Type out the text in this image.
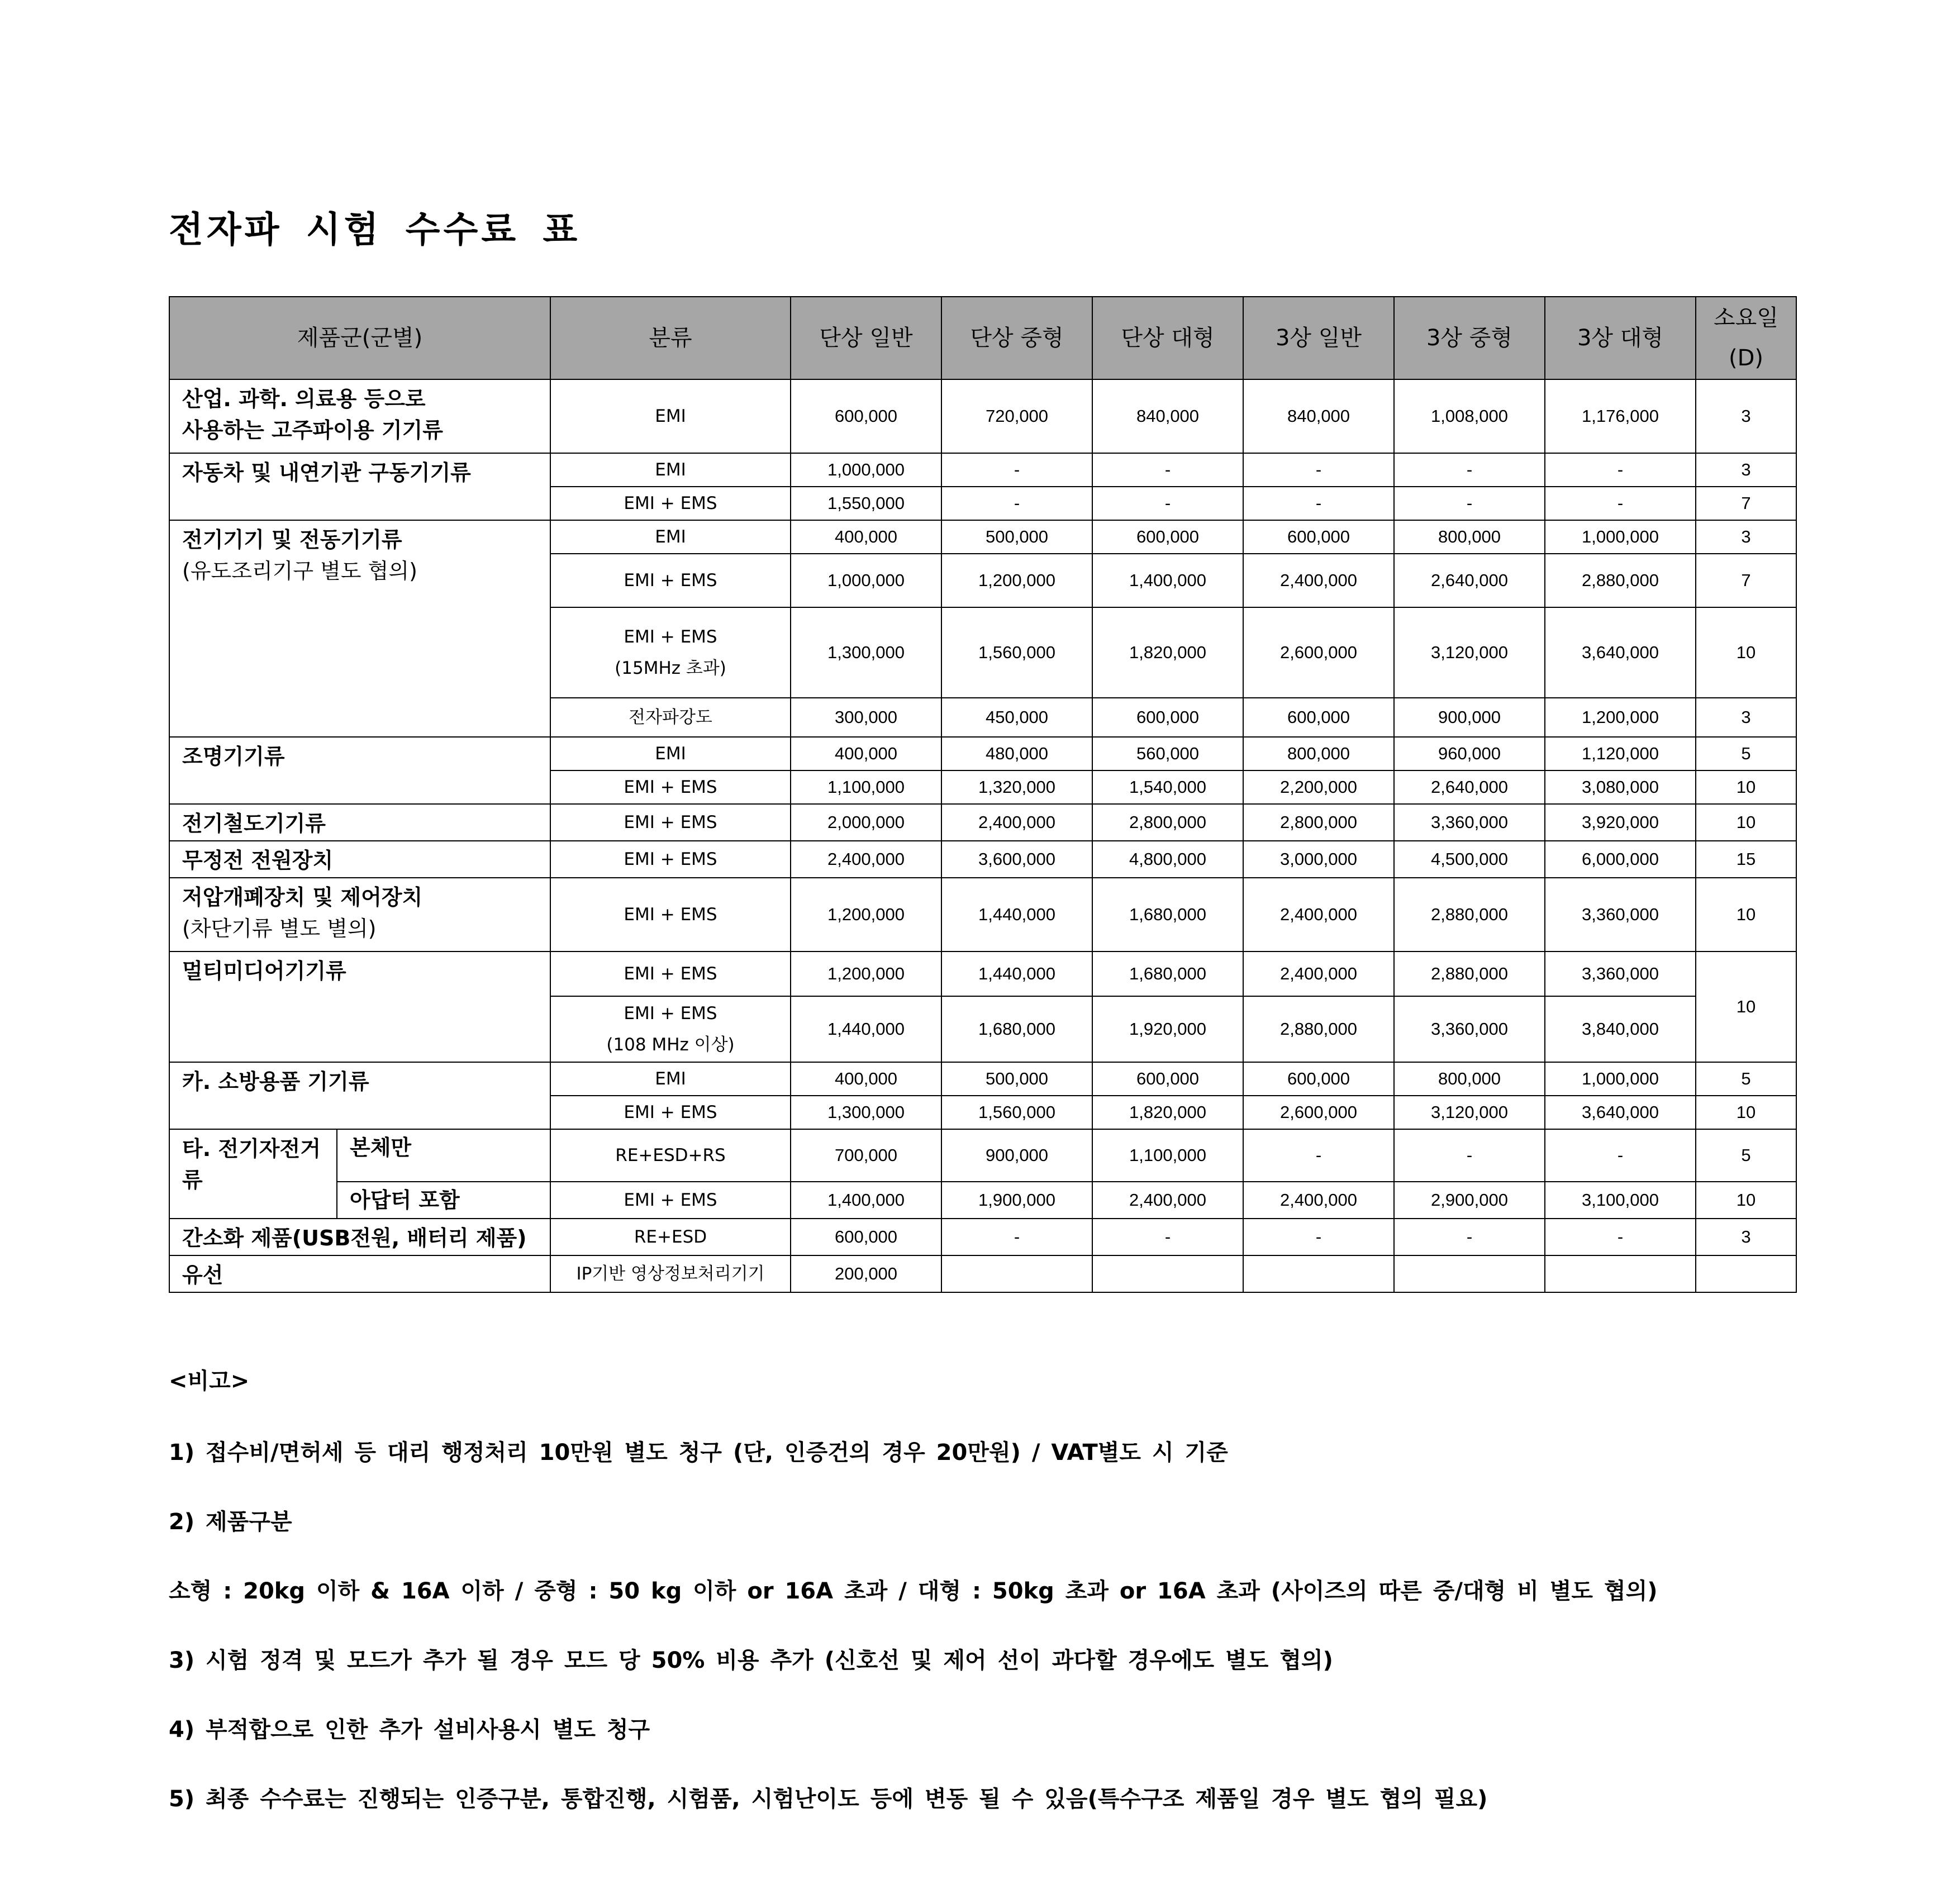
전자파 시험 수수료 표
제품군(군별)		분류	단상 일반	단상 중형	단상 대형	3상 일반	3상 중형	3상 대형	소요일 (D)

산업. 과학. 의료용 등으로
사용하는 고주파이용 기기류		EMI	600,000	720,000	840,000	840,000	1,008,000	1,176,000	3

자동차 및 내연기관 구동기기류		EMI	1,000,000	-	-	-	-	-	3

		EMI + EMS	1,550,000	-	-	-	-	-	7

전기기기 및 전동기기류
(유도조리기구 별도 협의)		EMI	400,000	500,000	600,000	600,000	800,000	1,000,000	3

		EMI + EMS	1,000,000	1,200,000	1,400,000	2,400,000	2,640,000	2,880,000	7

		EMI + EMS
(15MHz 초과)	1,300,000	1,560,000	1,820,000	2,600,000	3,120,000	3,640,000	10

		전자파강도	300,000	450,000	600,000	600,000	900,000	1,200,000	3

조명기기류		EMI	400,000	480,000	560,000	800,000	960,000	1,120,000	5

		EMI + EMS	1,100,000	1,320,000	1,540,000	2,200,000	2,640,000	3,080,000	10

전기철도기기류		EMI + EMS	2,000,000	2,400,000	2,800,000	2,800,000	3,360,000	3,920,000	10

무정전 전원장치		EMI + EMS	2,400,000	3,600,000	4,800,000	3,000,000	4,500,000	6,000,000	15

저압개폐장치 및 제어장치
(차단기류 별도 별의)		EMI + EMS	1,200,000	1,440,000	1,680,000	2,400,000	2,880,000	3,360,000	10

멀티미디어기기류		EMI + EMS	1,200,000	1,440,000	1,680,000	2,400,000	2,880,000	3,360,000	10

		EMI + EMS
(108 MHz 이상)	1,440,000	1,680,000	1,920,000	2,880,000	3,360,000	3,840,000	

카. 소방용품 기기류		EMI	400,000	500,000	600,000	600,000	800,000	1,000,000	5

		EMI + EMS	1,300,000	1,560,000	1,820,000	2,600,000	3,120,000	3,640,000	10

타. 전기자전거
류	본체만	RE+ESD+RS	700,000	900,000	1,100,000	-	-	-	5

	아답터 포함	EMI + EMS	1,400,000	1,900,000	2,400,000	2,400,000	2,900,000	3,100,000	10

간소화 제품(USB전원, 배터리 제품)		RE+ESD	600,000	-	-	-	-	-	3

유선		IP기반 영상정보처리기기	200,000						
<비고>
1) 접수비/면허세 등 대리 행정처리 10만원 별도 청구 (단, 인증건의 경우 20만원) / VAT별도 시 기준
2) 제품구분
소형 : 20kg 이하 & 16A 이하 / 중형 : 50 kg 이하 or 16A 초과 / 대형 : 50kg 초과 or 16A 초과 (사이즈의 따른 중/대형 비 별도 협의)
3) 시험 정격 및 모드가 추가 될 경우 모드 당 50% 비용 추가 (신호선 및 제어 선이 과다할 경우에도 별도 협의)
4) 부적합으로 인한 추가 설비사용시 별도 청구
5) 최종 수수료는 진행되는 인증구분, 통합진행, 시험품, 시험난이도 등에 변동 될 수 있음(특수구조 제품일 경우 별도 협의 필요)
